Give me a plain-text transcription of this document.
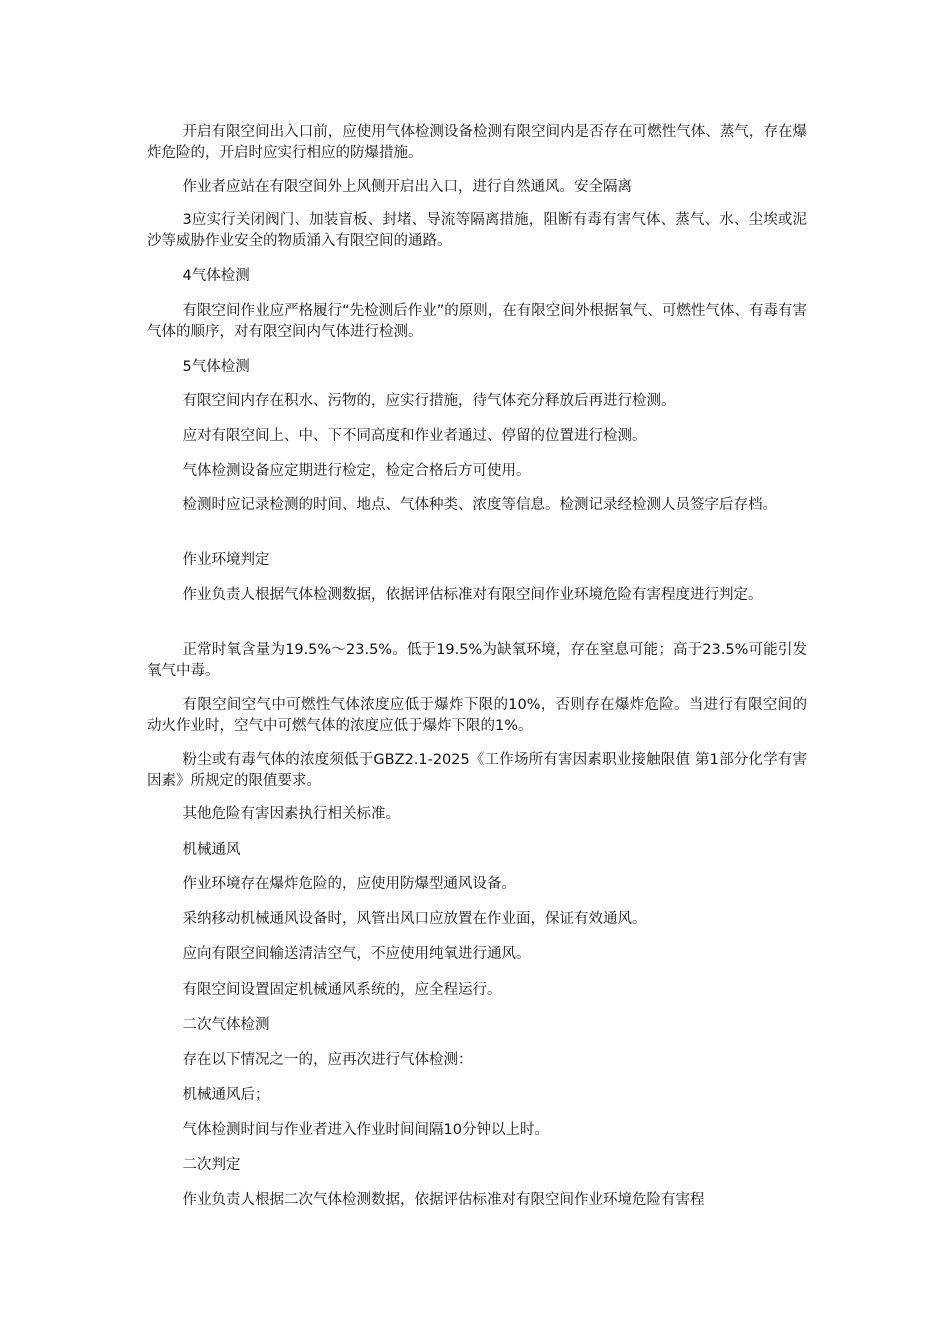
开启有限空间出入口前，应使用气体检测设备检测有限空间内是否存在可燃性气体、蒸气，存在爆炸危险的，开启时应实行相应的防爆措施。

作业者应站在有限空间外上风侧开启出入口，进行自然通风。安全隔离

3应实行关闭阀门、加装盲板、封堵、导流等隔离措施，阻断有毒有害气体、蒸气、水、尘埃或泥沙等威胁作业安全的物质涌入有限空间的通路。

4气体检测

有限空间作业应严格履行“先检测后作业”的原则，在有限空间外根据氧气、可燃性气体、有毒有害气体的顺序，对有限空间内气体进行检测。

5气体检测

有限空间内存在积水、污物的，应实行措施，待气体充分释放后再进行检测。

应对有限空间上、中、下不同高度和作业者通过、停留的位置进行检测。

气体检测设备应定期进行检定，检定合格后方可使用。

检测时应记录检测的时间、地点、气体种类、浓度等信息。检测记录经检测人员签字后存档。

作业环境判定

作业负责人根据气体检测数据，依据评估标准对有限空间作业环境危险有害程度进行判定。

正常时氧含量为19.5%～23.5%。低于19.5%为缺氧环境，存在窒息可能；高于23.5%可能引发氧气中毒。

有限空间空气中可燃性气体浓度应低于爆炸下限的10%，否则存在爆炸危险。当进行有限空间的动火作业时，空气中可燃气体的浓度应低于爆炸下限的1%。

粉尘或有毒气体的浓度须低于GBZ2.1-2025《工作场所有害因素职业接触限值 第1部分化学有害因素》所规定的限值要求。

其他危险有害因素执行相关标准。

机械通风

作业环境存在爆炸危险的，应使用防爆型通风设备。

采纳移动机械通风设备时，风管出风口应放置在作业面，保证有效通风。

应向有限空间输送清洁空气，不应使用纯氧进行通风。

有限空间设置固定机械通风系统的，应全程运行。

二次气体检测

存在以下情况之一的，应再次进行气体检测：

机械通风后；

气体检测时间与作业者进入作业时间间隔10分钟以上时。

二次判定

作业负责人根据二次气体检测数据，依据评估标准对有限空间作业环境危险有害程
